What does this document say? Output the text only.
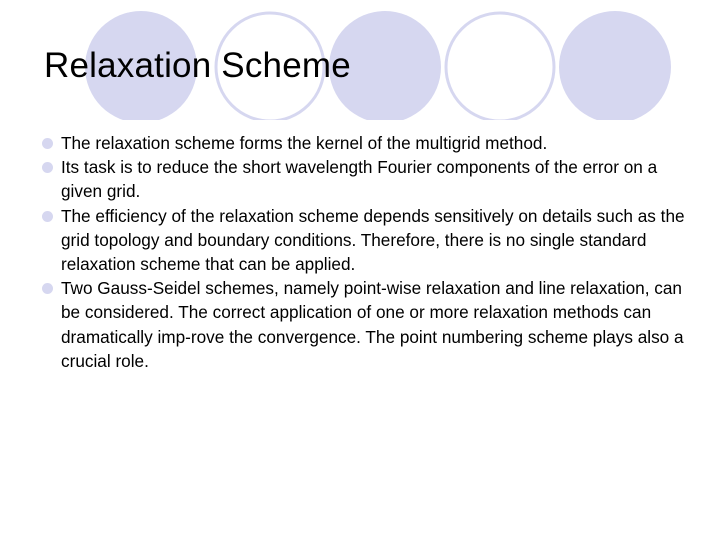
Relaxation Scheme
The relaxation scheme forms the kernel of the multigrid method.
Its task is to reduce the short wavelength Fourier components of the error on a given grid.
The efficiency of the relaxation scheme depends sensitively on details such as the grid topology and boundary conditions. Therefore, there is no single standard relaxation scheme that can be applied.
Two Gauss-Seidel schemes, namely point-wise relaxation and line relaxation, can be considered. The correct application of one or more relaxation methods can dramatically imp-rove the convergence. The point numbering scheme plays also a crucial role.
